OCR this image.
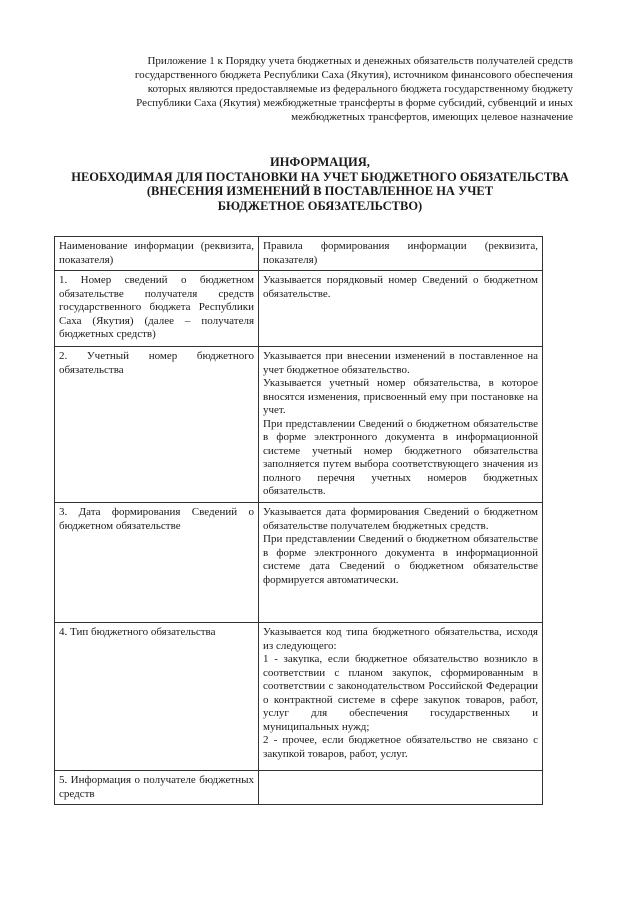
Приложение 1 к Порядку учета бюджетных и денежных обязательств получателей средств
государственного бюджета Республики Саха (Якутия), источником финансового обеспечения
которых являются предоставляемые из федерального бюджета государственному бюджету
Республики Саха (Якутия) межбюджетные трансферты в форме субсидий, субвенций и иных
межбюджетных трансфертов, имеющих целевое назначение
ИНФОРМАЦИЯ,
НЕОБХОДИМАЯ ДЛЯ ПОСТАНОВКИ НА УЧЕТ БЮДЖЕТНОГО ОБЯЗАТЕЛЬСТВА
(ВНЕСЕНИЯ ИЗМЕНЕНИЙ В ПОСТАВЛЕННОЕ НА УЧЕТ
БЮДЖЕТНОЕ ОБЯЗАТЕЛЬСТВО)
Наименование информации (реквизита, показателя)	Правила формирования информации (реквизита, показателя)
1. Номер сведений о бюджетном обязательстве получателя средств государственного бюджета Республики Саха (Якутия) (далее – получателя бюджетных средств)	Указывается порядковый номер Сведений о бюджетном обязательстве.

2. Учетный номер бюджетного обязательства	Указывается при внесении изменений в поставленное на учет бюджетное обязательство.

Указывается учетный номер обязательства, в которое вносятся изменения, присвоенный ему при постановке на учет.

При представлении Сведений о бюджетном обязательстве в форме электронного документа в информационной системе учетный номер бюджетного обязательства заполняется путем выбора соответствующего значения из полного перечня учетных номеров бюджетных обязательств.

3. Дата формирования Сведений о бюджетном обязательстве	Указывается дата формирования Сведений о бюджетном обязательстве получателем бюджетных средств.

При представлении Сведений о бюджетном обязательстве в форме электронного документа в информационной системе дата Сведений о бюджетном обязательстве формируется автоматически.

4. Тип бюджетного обязательства	Указывается код типа бюджетного обязательства, исходя из следующего:

1 - закупка, если бюджетное обязательство возникло в соответствии с планом закупок, сформированным в соответствии с законодательством Российской Федерации о контрактной системе в сфере закупок товаров, работ, услуг для обеспечения государственных и муниципальных нужд;

2 - прочее, если бюджетное обязательство не связано с закупкой товаров, работ, услуг.

5. Информация о получателе бюджетных средств	
